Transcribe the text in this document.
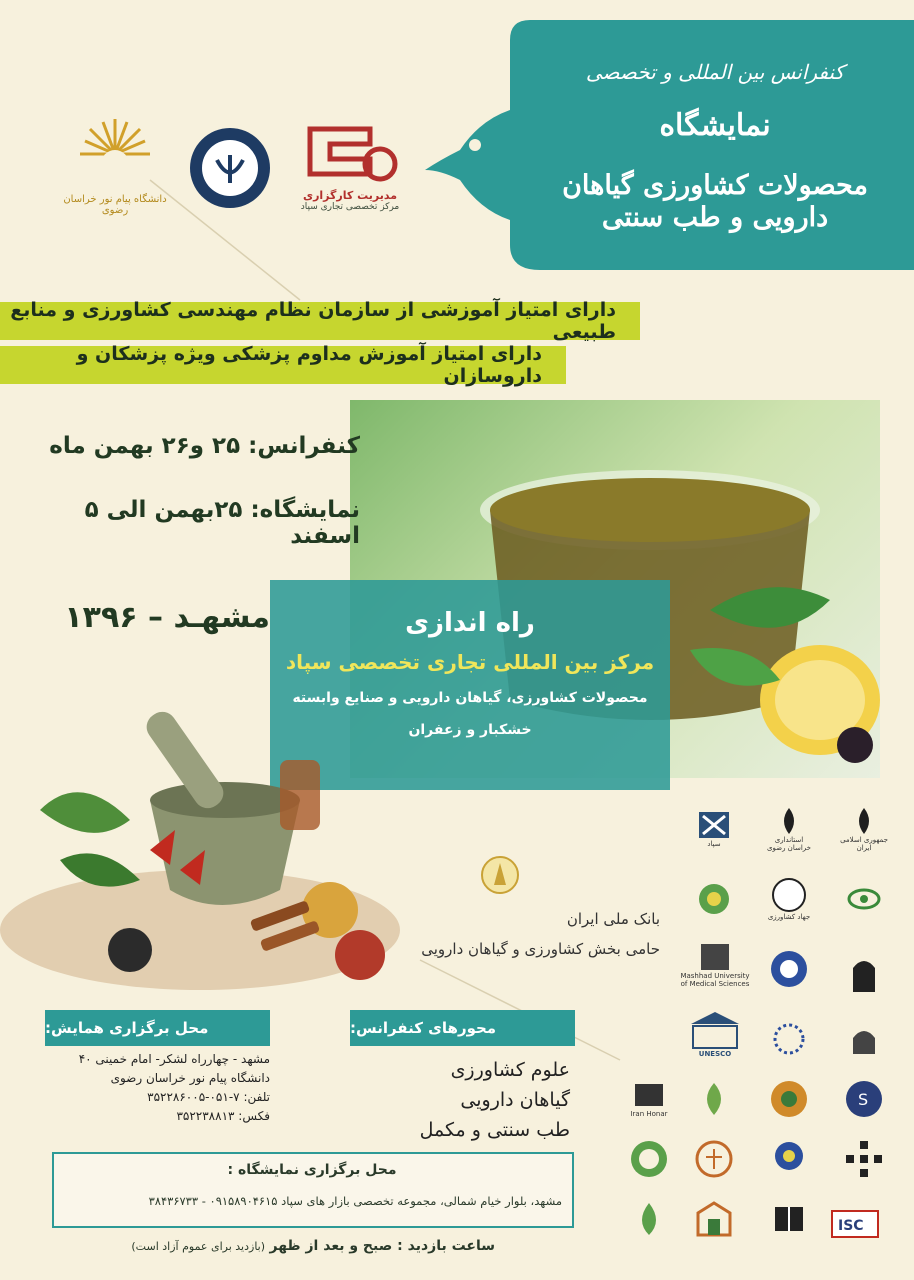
کنفرانس بین المللی و تخصصی
نمایشگاه
محصولات کشاورزی گیاهان دارویی و طب سنتی
دانشگاه پیام نور خراسان رضوی
مدیریت کارگزاری
مرکز تخصصی تجاری سپاد
دارای امتیاز آموزشی از سازمان نظام مهندسی کشاورزی و منابع طبیعی
دارای امتیاز آموزش مداوم پزشکی ویژه پزشکان و داروسازان
کنفرانس: ۲۵ و۲۶ بهمن ماه
نمایشگاه: ۲۵بهمن الی ۵ اسفند
مشهـد – ۱۳۹۶	راه اندازی
مرکز بین المللی تجاری تخصصی سپاد
محصولات کشاورزی، گیاهان دارویی و صنایع وابسته
خشکبار و زعفران
بانک ملی ایران
حامی بخش کشاورزی و گیاهان دارویی
محل برگزاری همایش:
مشهد - چهارراه لشکر- امام خمینی ۴۰
دانشگاه پیام نور خراسان رضوی
تلفن: ۷-۰۵۱-۳۵۲۲۸۶۰۰۵
فکس: ۳۵۲۲۳۸۸۱۳
محورهای کنفرانس:
علوم کشاورزی
گیاهان دارویی
طب سنتی و مکمل
محل برگزاری نمایشگاه :
مشهد، بلوار خیام شمالی، مجموعه تخصصی بازار های سپاد ۰۹۱۵۸۹۰۴۶۱۵ - ۳۸۴۳۶۷۳۳
ساعت بازدید : صبح و بعد از ظهر (بازدید برای عموم آزاد است)
جمهوری اسلامی ایران
استانداری خراسان رضوی
سپاد
جهاد کشاورزی
Mashhad University of Medical Sciences
UNESCO
S
Iran Honar
ISC
